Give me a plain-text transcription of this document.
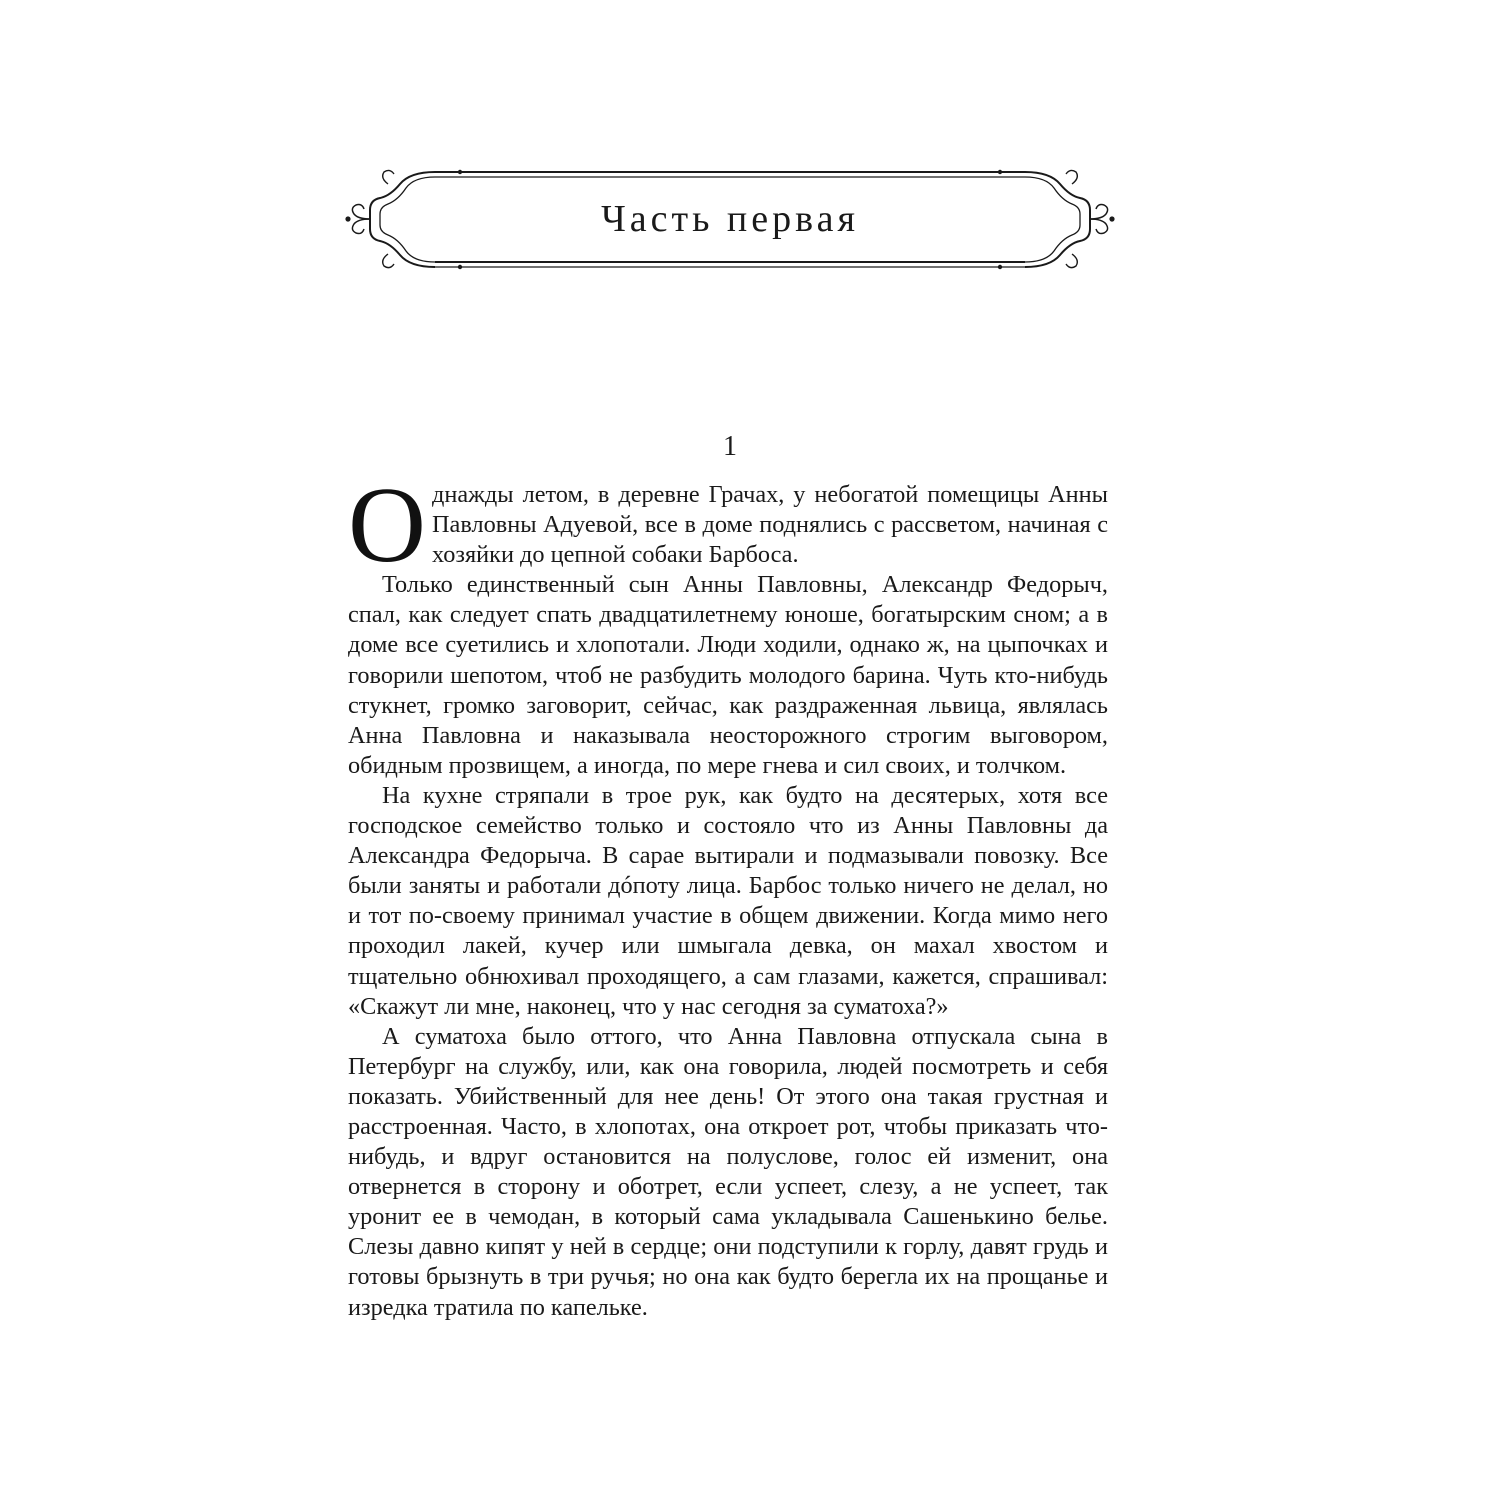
Часть первая
1

Однажды летом, в деревне Грачах, у небогатой помещицы Анны Павловны Адуевой, все в доме поднялись с рассветом, начиная с хозяйки до цепной собаки Барбоса.

Только единственный сын Анны Павловны, Александр Федорыч, спал, как следует спать двадцатилетнему юноше, богатырским сном; а в доме все суетились и хлопотали. Люди ходили, однако ж, на цыпочках и говорили шепотом, чтоб не разбудить молодого барина. Чуть кто-нибудь стукнет, громко заговорит, сейчас, как раздраженная львица, являлась Анна Павловна и наказывала неосторожного строгим выговором, обидным прозвищем, а иногда, по мере гнева и сил своих, и толчком.

На кухне стряпали в трое рук, как будто на десятерых, хотя все господское семейство только и состояло что из Анны Павловны да Александра Федорыча. В сарае вытирали и подмазывали повозку. Все были заняты и работали дóпоту лица. Барбос только ничего не делал, но и тот по-своему принимал участие в общем движении. Когда мимо него проходил лакей, кучер или шмыгала девка, он махал хвостом и тщательно обнюхивал проходящего, а сам глазами, кажется, спрашивал: «Скажут ли мне, наконец, что у нас сегодня за суматоха?»

А суматоха было оттого, что Анна Павловна отпускала сына в Петербург на службу, или, как она говорила, людей посмотреть и себя показать. Убийственный для нее день! От этого она такая грустная и расстроенная. Часто, в хлопотах, она откроет рот, чтобы приказать что-нибудь, и вдруг остановится на полуслове, голос ей изменит, она отвернется в сторону и оботрет, если успеет, слезу, а не успеет, так уронит ее в чемодан, в который сама укладывала Сашенькино белье. Слезы давно кипят у ней в сердце; они подступили к горлу, давят грудь и готовы брызнуть в три ручья; но она как будто берегла их на прощанье и изредка тратила по капельке.
